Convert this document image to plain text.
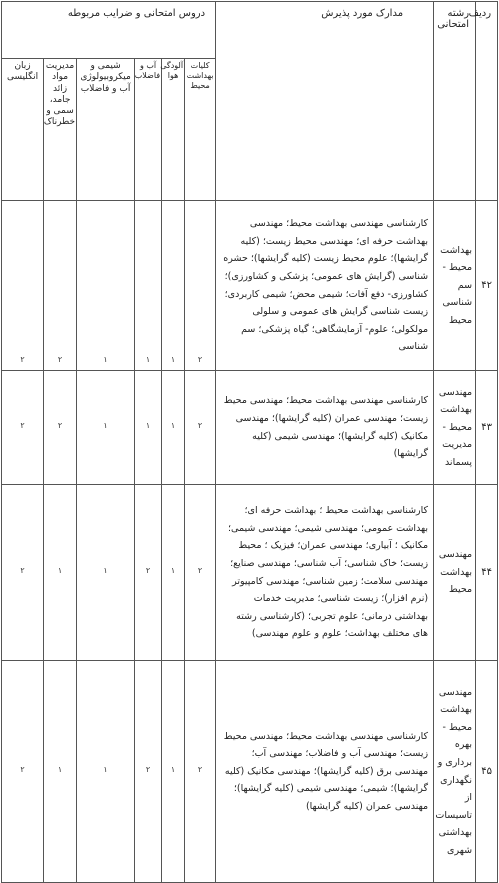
ردیف	رشته امتحانی	مدارک مورد پذیرش	دروس امتحانی و ضرایب مربوطه					
			کلیات بهداشت محیط	آلودگی هوا	آب و فاضلاب	شیمی و میکروبیولوژی آب و فاضلاب	مدیریت مواد زائد جامد، سمی و خطرناک	زبان انگلیسی
۴۲	بهداشت محیط - سم شناسی محیط	کارشناسی مهندسی بهداشت محیط؛ مهندسی بهداشت حرفه ای؛ مهندسی محیط زیست؛ (کلیه گرایشها)؛ علوم محیط زیست (کلیه گرایشها)؛ حشره شناسی (گرایش های عمومی؛ پزشکی و کشاورزی)؛ کشاورزی- دفع آفات؛ شیمی محض؛ شیمی کاربردی؛ زیست شناسی گرایش های عمومی و سلولی مولکولی؛ علوم- آزمایشگاهی؛ گیاه پزشکی؛ سم شناسی	۲	۱	۱	۱	۲	۲
۴۳	مهندسی بهداشت محیط - مدیریت پسماند	کارشناسی مهندسی بهداشت محیط؛ مهندسی محیط زیست؛ مهندسی عمران (کلیه گرایشها)؛ مهندسی مکانیک (کلیه گرایشها)؛ مهندسی شیمی (کلیه گرایشها)	۲	۱	۱	۱	۲	۲
۴۴	مهندسی بهداشت محیط	کارشناسی بهداشت محیط ؛ بهداشت حرفه ای؛ بهداشت عمومی؛ مهندسی شیمی؛ مهندسی شیمی؛ مکانیک ؛ آبیاری؛ مهندسی عمران؛ فیزیک ؛ محیط زیست؛ خاک شناسی؛ آب شناسی؛ مهندسی صنایع؛ مهندسی سلامت؛ زمین شناسی؛ مهندسی کامپیوتر (نرم افزار)؛ زیست شناسی؛ مدیریت خدمات بهداشتی درمانی؛ علوم تجربی؛ (کارشناسی رشته های مختلف بهداشت؛ علوم و علوم مهندسی)	۲	۱	۲	۱	۱	۲
۴۵	مهندسی بهداشت محیط - بهره برداری و نگهداری از تاسیسات بهداشتی شهری	کارشناسی مهندسی بهداشت محیط؛ مهندسی محیط زیست؛ مهندسی آب و فاضلاب؛ مهندسی آب؛ مهندسی برق (کلیه گرایشها)؛ مهندسی مکانیک (کلیه گرایشها)؛ شیمی؛ مهندسی شیمی (کلیه گرایشها)؛ مهندسی عمران (کلیه گرایشها)	۲	۱	۲	۱	۱	۲
